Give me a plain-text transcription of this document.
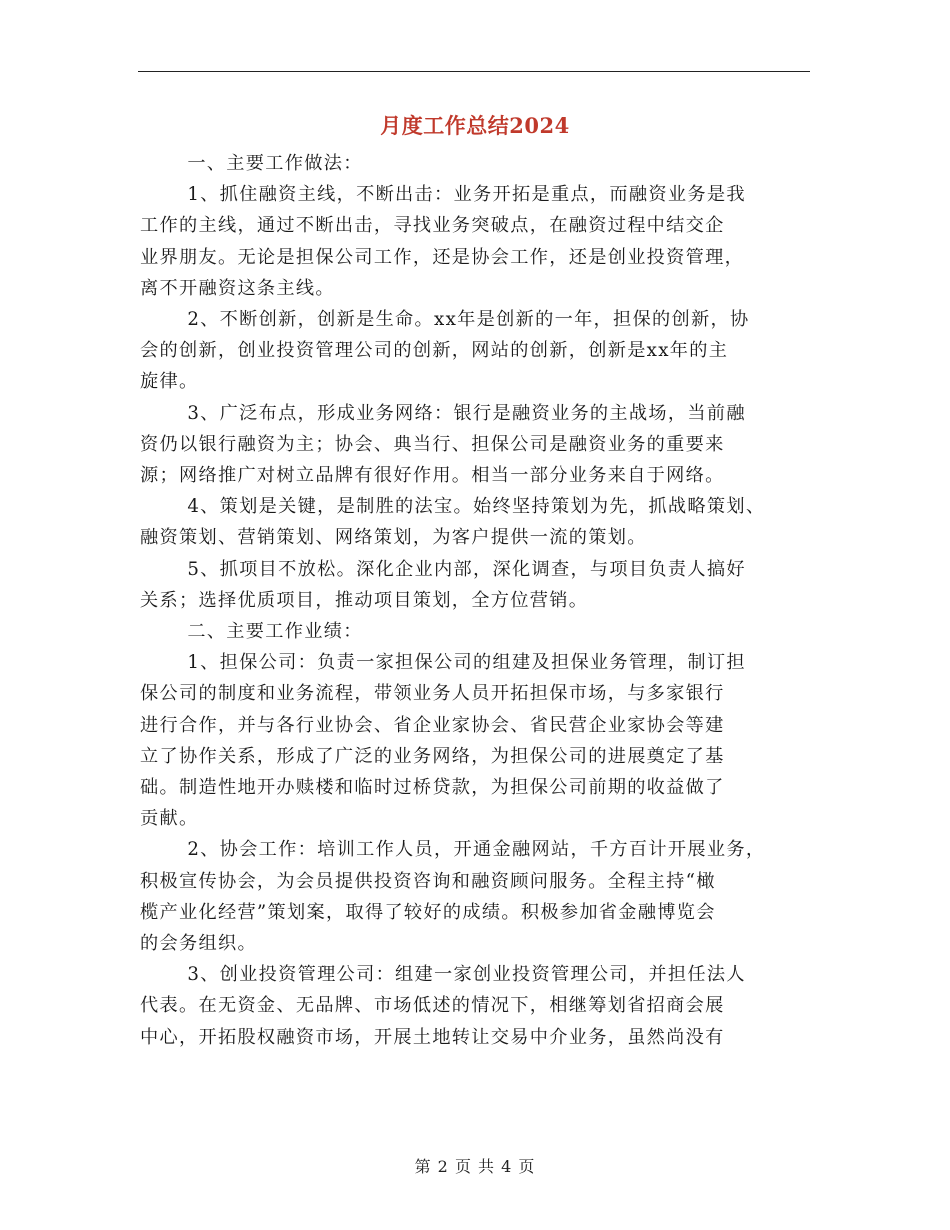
月度工作总结2024

一、主要工作做法：

1、抓住融资主线，不断出击：业务开拓是重点，而融资业务是我
工作的主线，通过不断出击，寻找业务突破点，在融资过程中结交企
业界朋友。无论是担保公司工作，还是协会工作，还是创业投资管理，
离不开融资这条主线。

2、不断创新，创新是生命。xx年是创新的一年，担保的创新，协
会的创新，创业投资管理公司的创新，网站的创新，创新是xx年的主
旋律。

3、广泛布点，形成业务网络：银行是融资业务的主战场，当前融
资仍以银行融资为主；协会、典当行、担保公司是融资业务的重要来
源；网络推广对树立品牌有很好作用。相当一部分业务来自于网络。

4、策划是关键，是制胜的法宝。始终坚持策划为先，抓战略策划、
融资策划、营销策划、网络策划，为客户提供一流的策划。

5、抓项目不放松。深化企业内部，深化调查，与项目负责人搞好
关系；选择优质项目，推动项目策划，全方位营销。

二、主要工作业绩：

1、担保公司：负责一家担保公司的组建及担保业务管理，制订担
保公司的制度和业务流程，带领业务人员开拓担保市场，与多家银行
进行合作，并与各行业协会、省企业家协会、省民营企业家协会等建
立了协作关系，形成了广泛的业务网络，为担保公司的进展奠定了基
础。制造性地开办赎楼和临时过桥贷款，为担保公司前期的收益做了
贡献。

2、协会工作：培训工作人员，开通金融网站，千方百计开展业务，
积极宣传协会，为会员提供投资咨询和融资顾问服务。全程主持“橄
榄产业化经营”策划案，取得了较好的成绩。积极参加省金融博览会
的会务组织。

3、创业投资管理公司：组建一家创业投资管理公司，并担任法人
代表。在无资金、无品牌、市场低述的情况下，相继筹划省招商会展
中心，开拓股权融资市场，开展土地转让交易中介业务，虽然尚没有

第 2 页 共 4 页
